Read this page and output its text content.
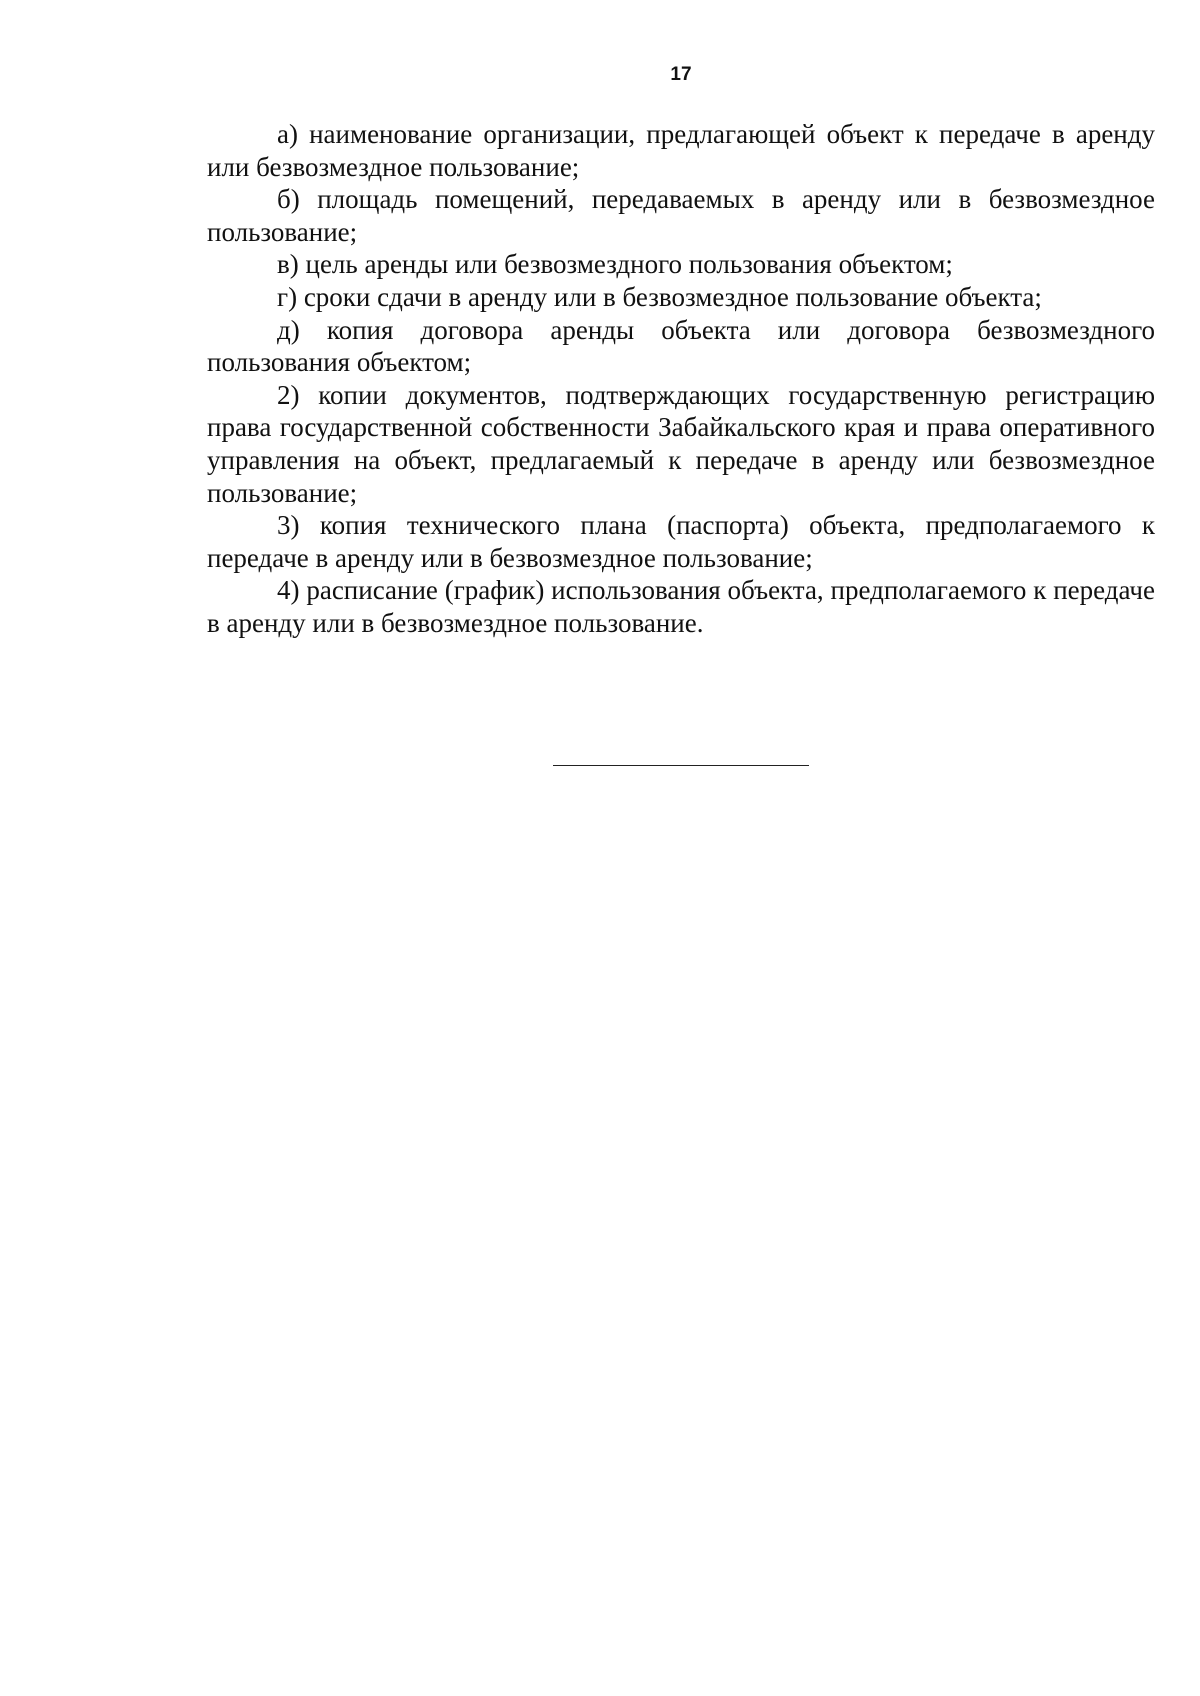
17

а) наименование организации, предлагающей объект к передаче в аренду или безвозмездное пользование;

б) площадь помещений, передаваемых в аренду или в безвозмездное пользование;

в) цель аренды или безвозмездного пользования объектом;

г) сроки сдачи в аренду или в безвозмездное пользование объекта;

д) копия договора аренды объекта или договора безвозмездного пользования объектом;

2) копии документов, подтверждающих государственную регистрацию права государственной собственности Забайкальского края и права оперативного управления на объект, предлагаемый к передаче в аренду или безвозмездное пользование;

3) копия технического плана (паспорта) объекта, предполагаемого к передаче в аренду или в безвозмездное пользование;

4) расписание (график) использования объекта, предполагаемого к передаче в аренду или в безвозмездное пользование.
